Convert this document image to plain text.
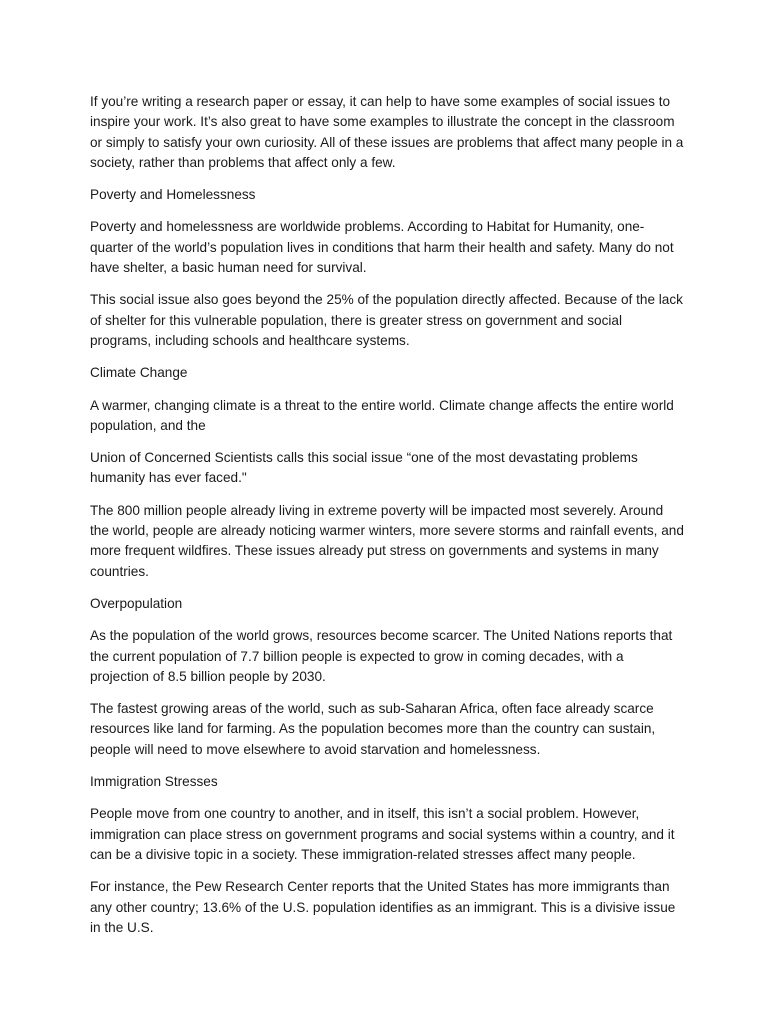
If you’re writing a research paper or essay, it can help to have some examples of social issues to inspire your work. It’s also great to have some examples to illustrate the concept in the classroom or simply to satisfy your own curiosity. All of these issues are problems that affect many people in a society, rather than problems that affect only a few.

Poverty and Homelessness

Poverty and homelessness are worldwide problems. According to Habitat for Humanity, one-quarter of the world’s population lives in conditions that harm their health and safety. Many do not have shelter, a basic human need for survival.

This social issue also goes beyond the 25% of the population directly affected. Because of the lack of shelter for this vulnerable population, there is greater stress on government and social programs, including schools and healthcare systems.

Climate Change

A warmer, changing climate is a threat to the entire world. Climate change affects the entire world population, and the

Union of Concerned Scientists calls this social issue “one of the most devastating problems humanity has ever faced."

The 800 million people already living in extreme poverty will be impacted most severely. Around the world, people are already noticing warmer winters, more severe storms and rainfall events, and more frequent wildfires. These issues already put stress on governments and systems in many countries.

Overpopulation

As the population of the world grows, resources become scarcer. The United Nations reports that the current population of 7.7 billion people is expected to grow in coming decades, with a projection of 8.5 billion people by 2030.

The fastest growing areas of the world, such as sub-Saharan Africa, often face already scarce resources like land for farming. As the population becomes more than the country can sustain, people will need to move elsewhere to avoid starvation and homelessness.

Immigration Stresses

People move from one country to another, and in itself, this isn’t a social problem. However, immigration can place stress on government programs and social systems within a country, and it can be a divisive topic in a society. These immigration-related stresses affect many people.

For instance, the Pew Research Center reports that the United States has more immigrants than any other country; 13.6% of the U.S. population identifies as an immigrant. This is a divisive issue in the U.S.
